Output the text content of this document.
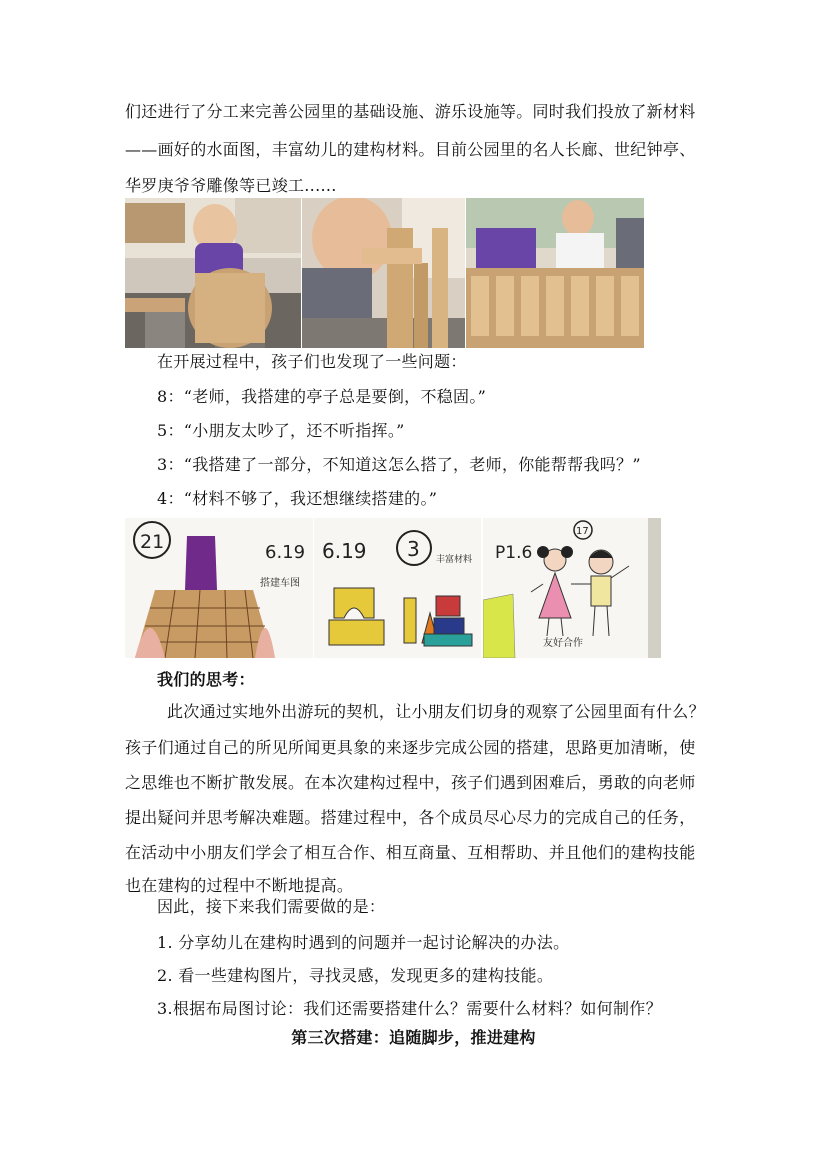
们还进行了分工来完善公园里的基础设施、游乐设施等。同时我们投放了新材料
——画好的水面图，丰富幼儿的建构材料。目前公园里的名人长廊、世纪钟亭、
华罗庚爷爷雕像等已竣工......
在开展过程中，孩子们也发现了一些问题：
8：“老师，我搭建的亭子总是要倒，不稳固。”
5：“小朋友太吵了，还不听指挥。”
3：“我搭建了一部分，不知道这怎么搭了，老师，你能帮帮我吗？”
4：“材料不够了，我还想继续搭建的。”
21	6.19
搭建车图
6.19 3 丰富材料 P1.6
17
友好合作
我们的思考：
此次通过实地外出游玩的契机，让小朋友们切身的观察了公园里面有什么？
孩子们通过自己的所见所闻更具象的来逐步完成公园的搭建，思路更加清晰，使
之思维也不断扩散发展。在本次建构过程中，孩子们遇到困难后，勇敢的向老师
提出疑问并思考解决难题。搭建过程中，各个成员尽心尽力的完成自己的任务，
在活动中小朋友们学会了相互合作、相互商量、互相帮助、并且他们的建构技能
也在建构的过程中不断地提高。
因此，接下来我们需要做的是：
1. 分享幼儿在建构时遇到的问题并一起讨论解决的办法。
2. 看一些建构图片，寻找灵感，发现更多的建构技能。
3.根据布局图讨论：我们还需要搭建什么？需要什么材料？如何制作？
第三次搭建：追随脚步，推进建构
